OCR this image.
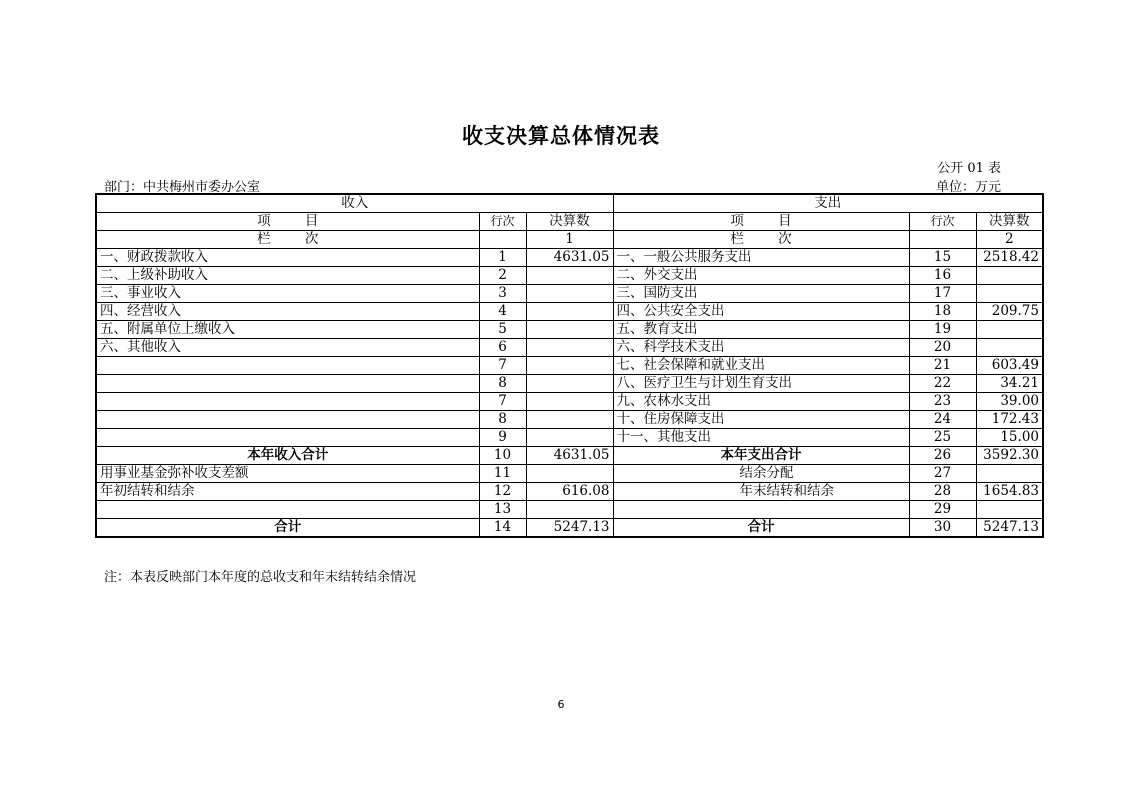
收支决算总体情况表
公开 01 表
部门：中共梅州市委办公室	单位：万元
收入			支出		
项        目	行次	决算数	项        目	行次	决算数
栏        次		1	栏        次		2
一、财政拨款收入	1	4631.05	一、一般公共服务支出	15	2518.42
二、上级补助收入	2		二、外交支出	16	
三、事业收入	3		三、国防支出	17	
四、经营收入	4		四、公共安全支出	18	209.75
五、附属单位上缴收入	5		五、教育支出	19	
六、其他收入	6		六、科学技术支出	20	
	7		七、社会保障和就业支出	21	603.49
	8		八、医疗卫生与计划生育支出	22	34.21
	7		九、农林水支出	23	39.00
	8		十、住房保障支出	24	172.43
	9		十一、其他支出	25	15.00
本年收入合计	10	4631.05	本年支出合计	26	3592.30
用事业基金弥补收支差额	11		结余分配	27	
年初结转和结余	12	616.08	年末结转和结余	28	1654.83
	13			29	
合计	14	5247.13	合计	30	5247.13
注：本表反映部门本年度的总收支和年末结转结余情况
6
